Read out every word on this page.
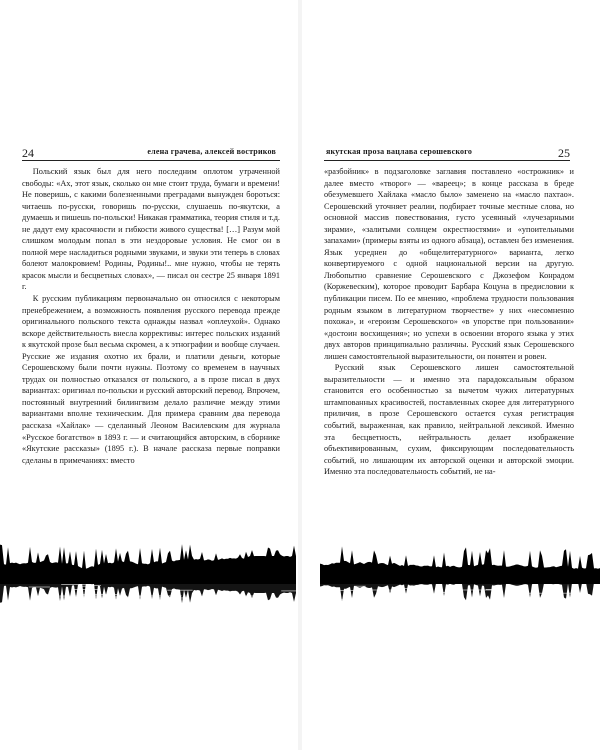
24	елена грачева, алексей востриков

Польский язык был для него последним оплотом утраченной свободы: «Ах, этот язык, сколько он мне стоит труда, бумаги и времени! Не поверишь, с какими болезненными преградами вынужден бороться: читаешь по-русски, говоришь по-русски, слушаешь по-якутски, а думаешь и пишешь по-польски! Никакая грамматика, теория стиля и т.д. не дадут ему красочности и гибкости живого существа! […] Разум мой слишком молодым попал в эти нездоровые условия. Не смог он в полной мере насладиться родными звуками, и звуки эти теперь в словах болеют малокровием! Родины, Родины!.. мне нужно, чтобы не терять красок мысли и бесцветных словах», — писал он сестре 25 января 1891 г.

К русским публикациям первоначально он относился с некоторым пренебрежением, а возможность появления русского перевода прежде оригинального польского текста однажды назвал «оплеухой». Однако вскоре действительность внесла коррективы: интерес польских изданий к якутской прозе был весьма скромен, а к этнографии и вообще случаен. Русские же издания охотно их брали, и платили деньги, которые Серошевскому были почти нужны. Поэтому со временем в научных трудах он полностью отказался от польского, а в прозе писал в двух вариантах: оригинал по-польски и русский авторский перевод. Впрочем, постоянный внутренний билингвизм делало различие между этими вариантами вполне техническим. Для примера сравним два перевода рассказа «Хайлак» — сделанный Леоном Василевским для журнала «Русское богатство» в 1893 г. — и считающийся авторским, в сборнике «Якутские рассказы» (1895 г.). В начале рассказа первые поправки сделаны в примечаниях: вместо

якутская проза вацлава серошевского	25

«разбойник» в подзаголовке заглавия поставлено «острожник» и далее вместо «творог» — «вареец»; в конце рассказа в бреде обезумевшего Хайлака «масло было» заменено на «масло пахтао». Серошевский уточняет реалии, подбирает точные местные слова, но основной массив повествования, густо усеянный «лучезарными зирами», «залитыми солнцем окрестностями» и «упоительными запахами» (примеры взяты из одного абзаца), оставлен без изменения. Язык усреднен до «общелитературного» варианта, легко конвертируемого с одной национальной версии на другую. Любопытно сравнение Серошевского с Джозефом Конрадом (Коржевеским), которое проводит Барбара Коцуна в предисловии к публикации писем. По ее мнению, «проблема трудности пользования родным языком в литературном творчестве» у них «несомненно похожа», и «героизм Серошевского» «в упорстве при пользовании» «достоин восхищения»; но успехи в освоении второго языка у этих двух авторов принципиально различны. Русский язык Серошевского лишен самостоятельной выразительности, он понятен и ровен.

Русский язык Серошевского лишен самостоятельной выразительности — и именно эта парадоксальным образом становится его особенностью за вычетом чужих литературных штампованных красивостей, поставленных скорее для литературного приличия, в прозе Серошевского остается сухая регистрация событий, выраженная, как правило, нейтральной лексикой. Именно эта бесцветность, нейтральность делает изображение объективированным, сухим, фиксирующим последовательность событий, но лишающим их авторской оценки и авторской эмоции. Именно эта последовательность событий, не на-
